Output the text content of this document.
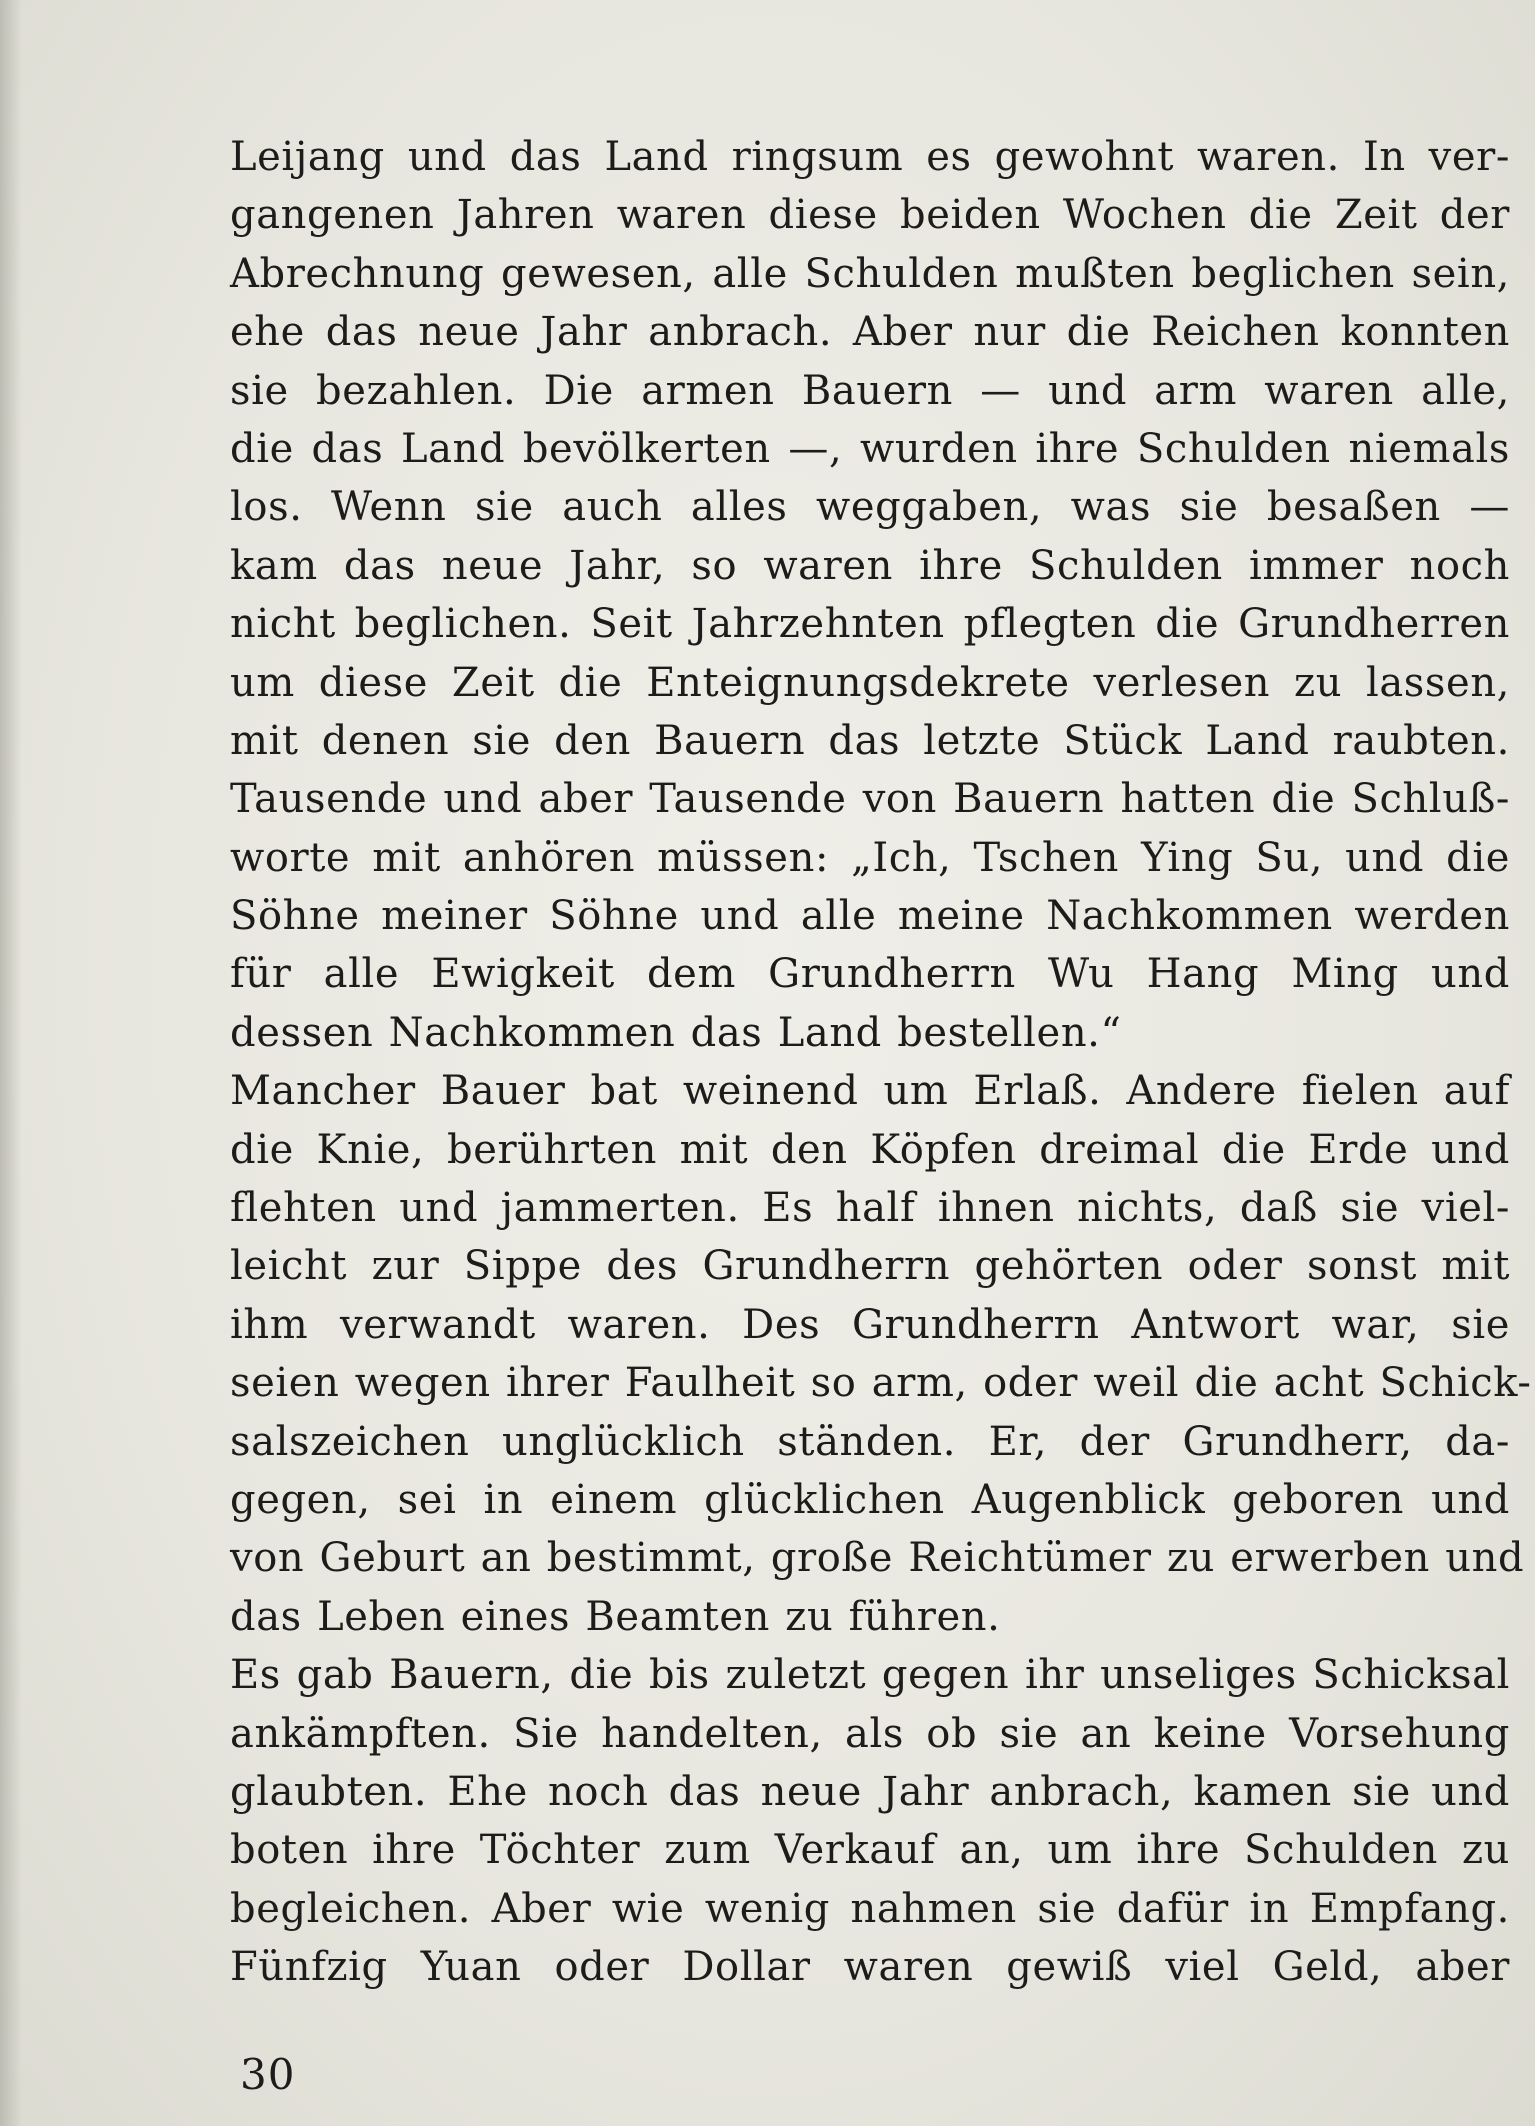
Leijang und das Land ringsum es gewohnt waren. In ver-
gangenen Jahren waren diese beiden Wochen die Zeit der
Abrechnung gewesen, alle Schulden mußten beglichen sein,
ehe das neue Jahr anbrach. Aber nur die Reichen konnten
sie bezahlen. Die armen Bauern — und arm waren alle,
die das Land bevölkerten —, wurden ihre Schulden niemals
los. Wenn sie auch alles weggaben, was sie besaßen —
kam das neue Jahr, so waren ihre Schulden immer noch
nicht beglichen. Seit Jahrzehnten pflegten die Grundherren
um diese Zeit die Enteignungsdekrete verlesen zu lassen,
mit denen sie den Bauern das letzte Stück Land raubten.
Tausende und aber Tausende von Bauern hatten die Schluß-
worte mit anhören müssen: „Ich, Tschen Ying Su, und die
Söhne meiner Söhne und alle meine Nachkommen werden
für alle Ewigkeit dem Grundherrn Wu Hang Ming und
dessen Nachkommen das Land bestellen.“
Mancher Bauer bat weinend um Erlaß. Andere fielen auf
die Knie, berührten mit den Köpfen dreimal die Erde und
flehten und jammerten. Es half ihnen nichts, daß sie viel-
leicht zur Sippe des Grundherrn gehörten oder sonst mit
ihm verwandt waren. Des Grundherrn Antwort war, sie
seien wegen ihrer Faulheit so arm, oder weil die acht Schick-
salszeichen unglücklich ständen. Er, der Grundherr, da-
gegen, sei in einem glücklichen Augenblick geboren und
von Geburt an bestimmt, große Reichtümer zu erwerben und
das Leben eines Beamten zu führen.
Es gab Bauern, die bis zuletzt gegen ihr unseliges Schicksal
ankämpften. Sie handelten, als ob sie an keine Vorsehung
glaubten. Ehe noch das neue Jahr anbrach, kamen sie und
boten ihre Töchter zum Verkauf an, um ihre Schulden zu
begleichen. Aber wie wenig nahmen sie dafür in Empfang.
Fünfzig Yuan oder Dollar waren gewiß viel Geld, aber
30
